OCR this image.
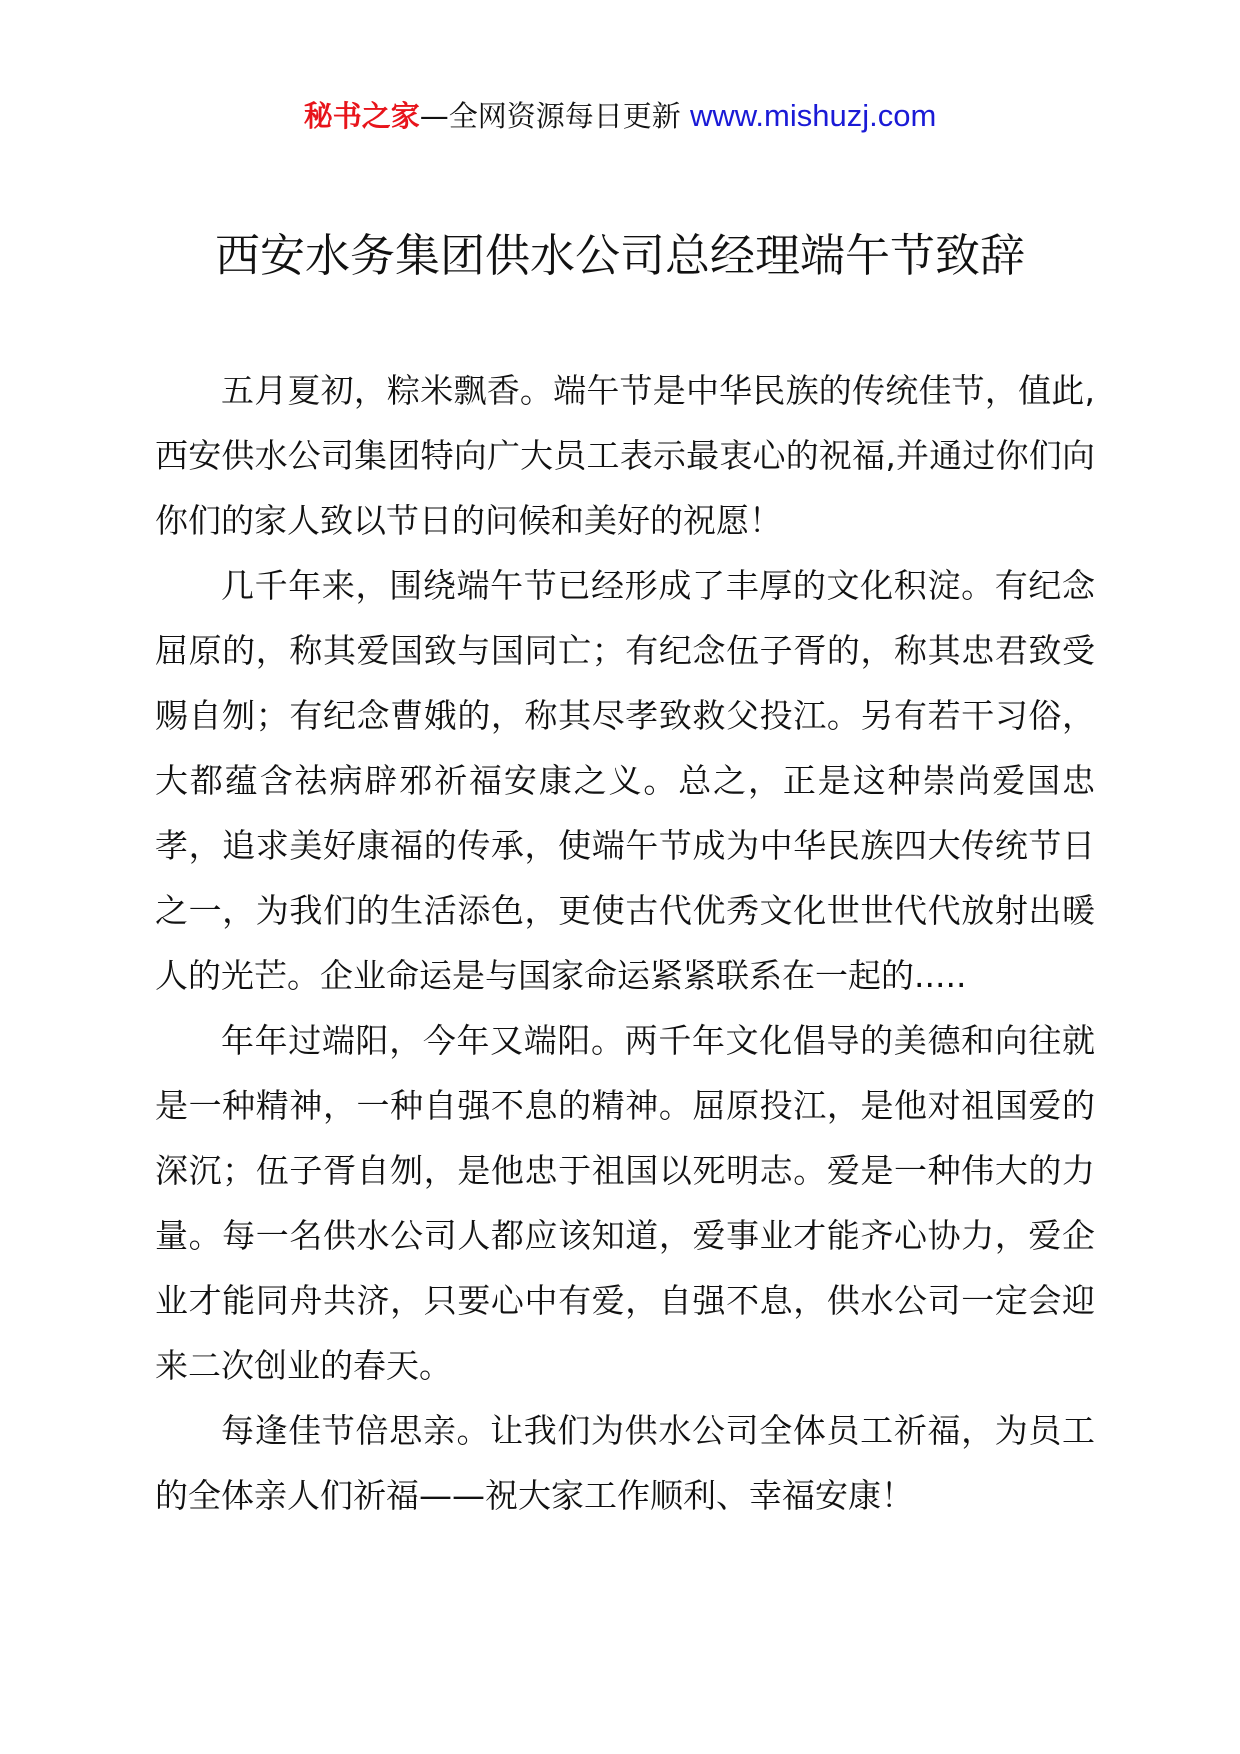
秘书之家—全网资源每日更新 www.mishuzj.com
西安水务集团供水公司总经理端午节致辞

五月夏初，粽米飘香。端午节是中华民族的传统佳节，值此,西安供水公司集团特向广大员工表示最衷心的祝福,并通过你们向你们的家人致以节日的问候和美好的祝愿！

几千年来，围绕端午节已经形成了丰厚的文化积淀。有纪念屈原的，称其爱国致与国同亡；有纪念伍子胥的，称其忠君致受赐自刎；有纪念曹娥的，称其尽孝致救父投江。另有若干习俗，大都蕴含祛病辟邪祈福安康之义。总之，正是这种崇尚爱国忠孝，追求美好康福的传承，使端午节成为中华民族四大传统节日之一，为我们的生活添色，更使古代优秀文化世世代代放射出暖人的光芒。企业命运是与国家命运紧紧联系在一起的.....

年年过端阳，今年又端阳。两千年文化倡导的美德和向往就是一种精神，一种自强不息的精神。屈原投江，是他对祖国爱的深沉；伍子胥自刎，是他忠于祖国以死明志。爱是一种伟大的力量。每一名供水公司人都应该知道，爱事业才能齐心协力，爱企业才能同舟共济，只要心中有爱，自强不息，供水公司一定会迎来二次创业的春天。

每逢佳节倍思亲。让我们为供水公司全体员工祈福，为员工的全体亲人们祈福——祝大家工作顺利、幸福安康！
